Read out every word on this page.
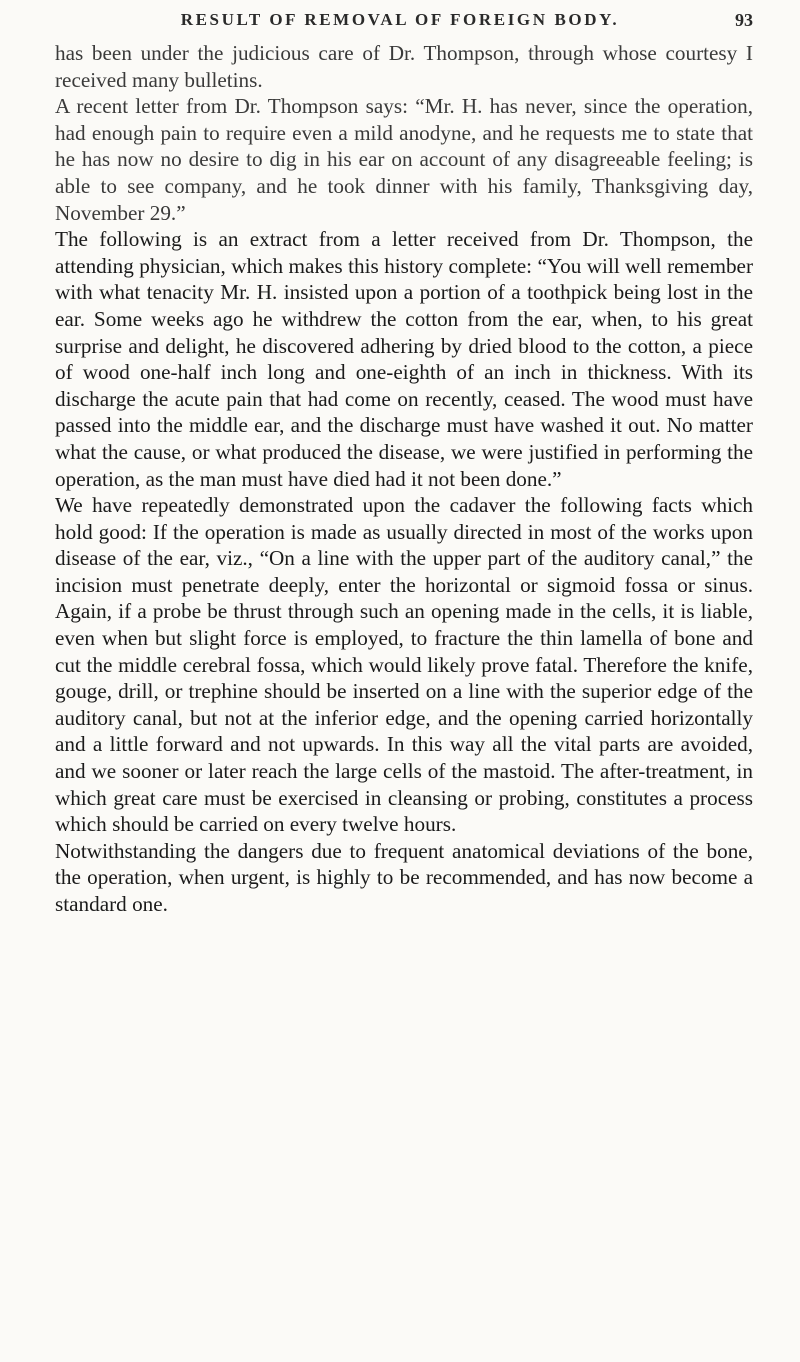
RESULT OF REMOVAL OF FOREIGN BODY.	93

has been under the judicious care of Dr. Thompson, through whose courtesy I received many bulletins.

A recent letter from Dr. Thompson says: “Mr. H. has never, since the operation, had enough pain to require even a mild anodyne, and he requests me to state that he has now no desire to dig in his ear on account of any disagreeable feeling; is able to see company, and he took dinner with his family, Thanksgiving day, November 29.”

The following is an extract from a letter received from Dr. Thompson, the attending physician, which makes this history complete: “You will well remember with what tenacity Mr. H. insisted upon a portion of a toothpick being lost in the ear. Some weeks ago he withdrew the cotton from the ear, when, to his great surprise and delight, he discovered adhering by dried blood to the cotton, a piece of wood one-half inch long and one-eighth of an inch in thickness. With its discharge the acute pain that had come on recently, ceased. The wood must have passed into the middle ear, and the discharge must have washed it out. No matter what the cause, or what produced the disease, we were justified in performing the operation, as the man must have died had it not been done.”

We have repeatedly demonstrated upon the cadaver the following facts which hold good: If the operation is made as usually directed in most of the works upon disease of the ear, viz., “On a line with the upper part of the auditory canal,” the incision must penetrate deeply, enter the horizontal or sigmoid fossa or sinus. Again, if a probe be thrust through such an opening made in the cells, it is liable, even when but slight force is employed, to fracture the thin lamella of bone and cut the middle cerebral fossa, which would likely prove fatal. Therefore the knife, gouge, drill, or trephine should be inserted on a line with the superior edge of the auditory canal, but not at the inferior edge, and the opening carried horizontally and a little forward and not upwards. In this way all the vital parts are avoided, and we sooner or later reach the large cells of the mastoid. The after-treatment, in which great care must be exercised in cleansing or probing, constitutes a process which should be carried on every twelve hours.

Notwithstanding the dangers due to frequent anatomical deviations of the bone, the operation, when urgent, is highly to be recommended, and has now become a standard one.
